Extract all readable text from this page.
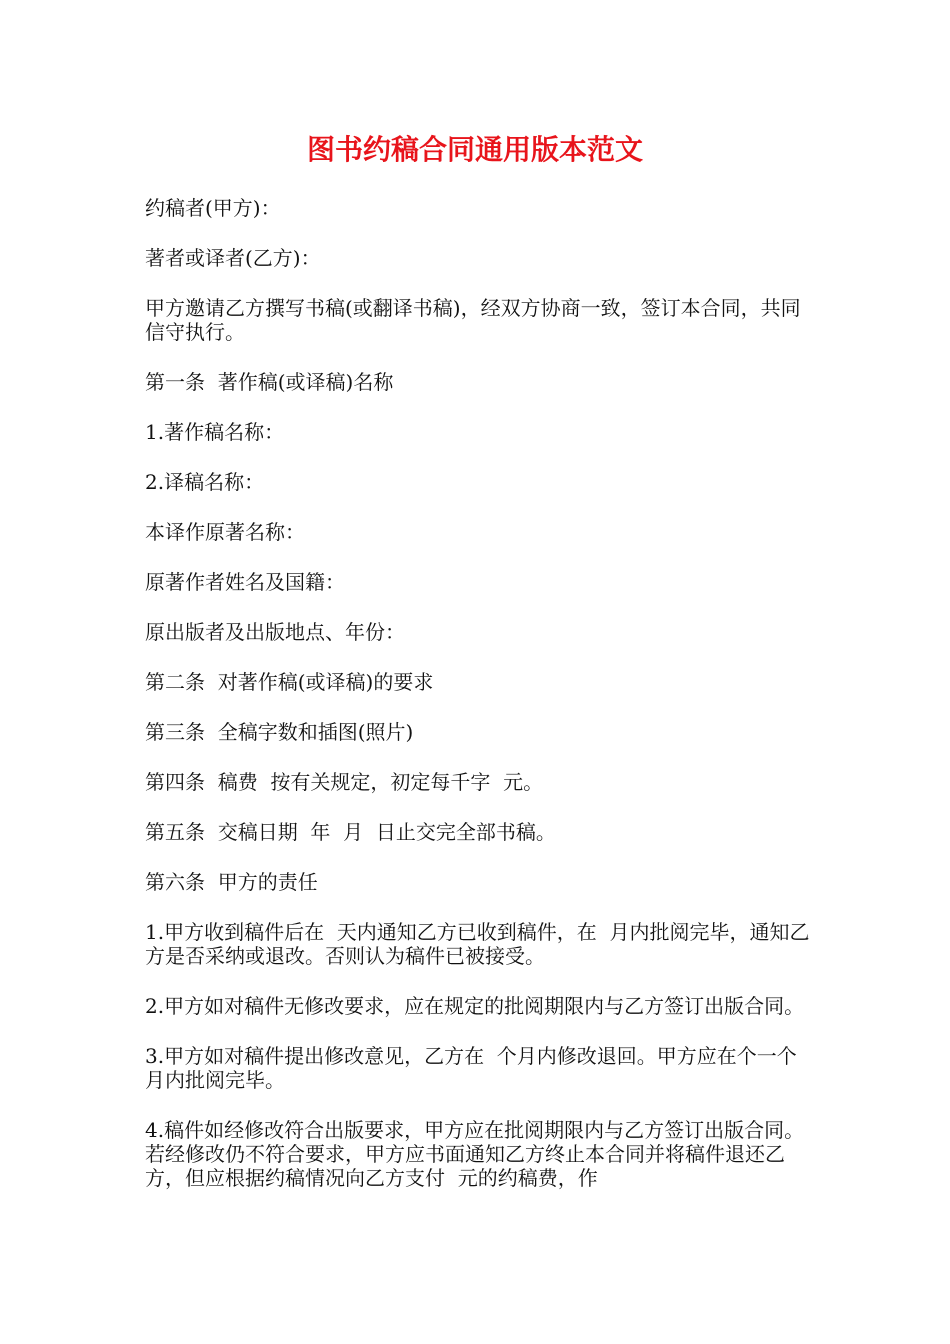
图书约稿合同通用版本范文

约稿者(甲方)：

著者或译者(乙方)：

甲方邀请乙方撰写书稿(或翻译书稿)，经双方协商一致，签订本合同，共同信守执行。

第一条  著作稿(或译稿)名称

1.著作稿名称：

2.译稿名称：

本译作原著名称：

原著作者姓名及国籍：

原出版者及出版地点、年份：

第二条  对著作稿(或译稿)的要求

第三条  全稿字数和插图(照片)

第四条  稿费  按有关规定，初定每千字  元。

第五条  交稿日期  年  月  日止交完全部书稿。

第六条  甲方的责任

1.甲方收到稿件后在  天内通知乙方已收到稿件，在  月内批阅完毕，通知乙方是否采纳或退改。否则认为稿件已被接受。

2.甲方如对稿件无修改要求，应在规定的批阅期限内与乙方签订出版合同。

3.甲方如对稿件提出修改意见，乙方在  个月内修改退回。甲方应在个一个月内批阅完毕。

4.稿件如经修改符合出版要求，甲方应在批阅期限内与乙方签订出版合同。若经修改仍不符合要求，甲方应书面通知乙方终止本合同并将稿件退还乙方，但应根据约稿情况向乙方支付  元的约稿费，作
